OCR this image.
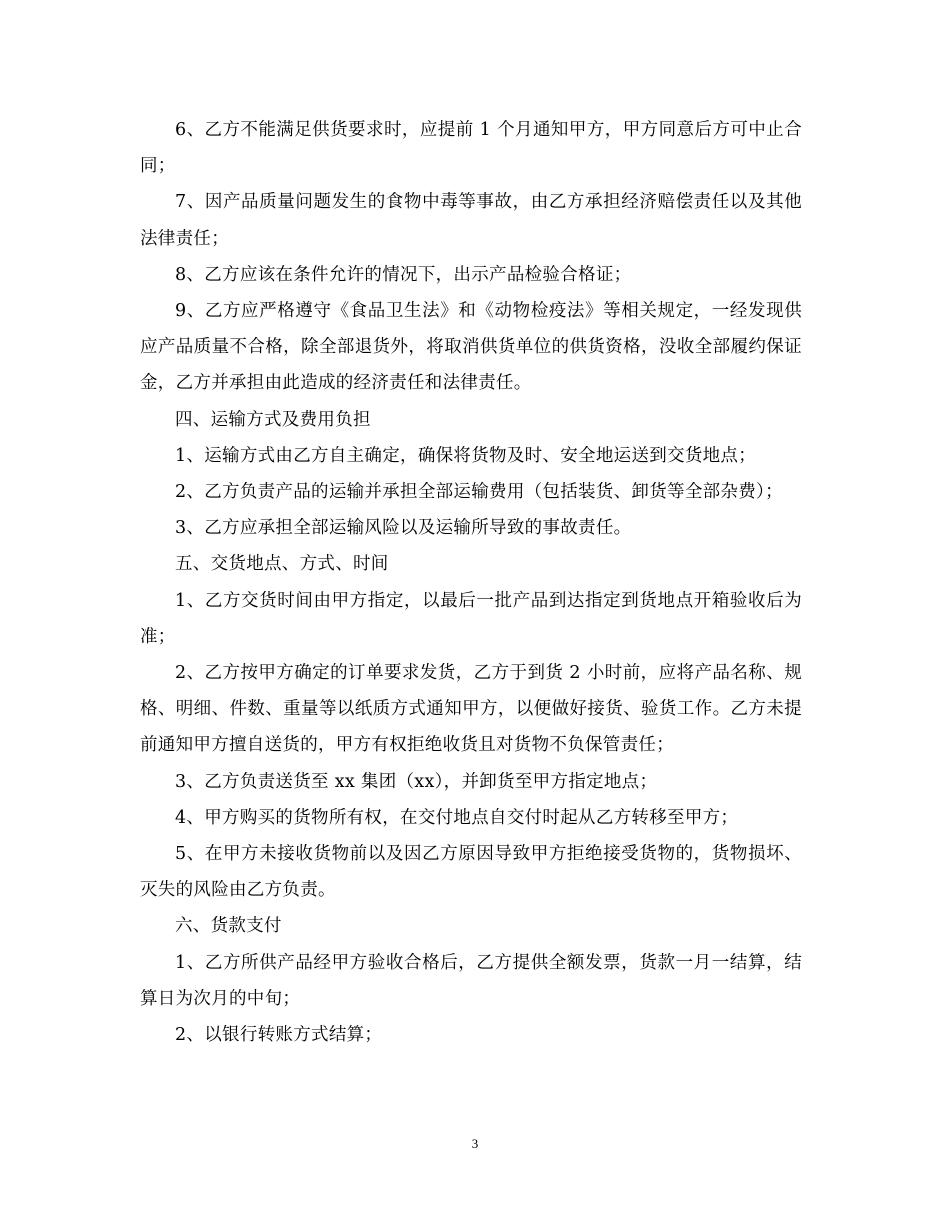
6、乙方不能满足供货要求时，应提前 1 个月通知甲方，甲方同意后方可中止合同；

7、因产品质量问题发生的食物中毒等事故，由乙方承担经济赔偿责任以及其他法律责任；

8、乙方应该在条件允许的情况下，出示产品检验合格证；

9、乙方应严格遵守《食品卫生法》和《动物检疫法》等相关规定，一经发现供应产品质量不合格，除全部退货外，将取消供货单位的供货资格，没收全部履约保证金，乙方并承担由此造成的经济责任和法律责任。

四、运输方式及费用负担

1、运输方式由乙方自主确定，确保将货物及时、安全地运送到交货地点；

2、乙方负责产品的运输并承担全部运输费用（包括装货、卸货等全部杂费）；

3、乙方应承担全部运输风险以及运输所导致的事故责任。

五、交货地点、方式、时间

1、乙方交货时间由甲方指定，以最后一批产品到达指定到货地点开箱验收后为准；

2、乙方按甲方确定的订单要求发货，乙方于到货 2 小时前，应将产品名称、规格、明细、件数、重量等以纸质方式通知甲方，以便做好接货、验货工作。乙方未提前通知甲方擅自送货的，甲方有权拒绝收货且对货物不负保管责任；

3、乙方负责送货至 xx 集团（xx），并卸货至甲方指定地点；

4、甲方购买的货物所有权，在交付地点自交付时起从乙方转移至甲方；

5、在甲方未接收货物前以及因乙方原因导致甲方拒绝接受货物的，货物损坏、灭失的风险由乙方负责。

六、货款支付

1、乙方所供产品经甲方验收合格后，乙方提供全额发票，货款一月一结算，结算日为次月的中旬；

2、以银行转账方式结算；

3
